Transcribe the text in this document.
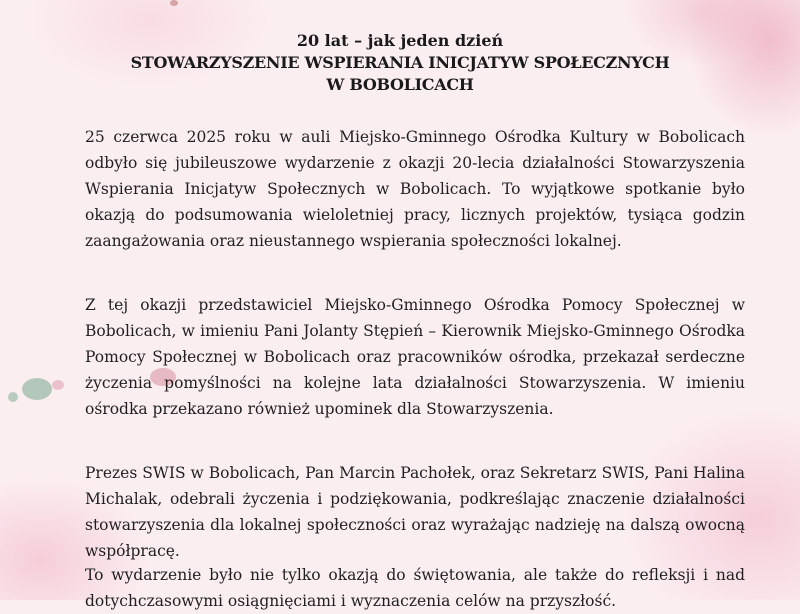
20 lat – jak jeden dzień
STOWARZYSZENIE WSPIERANIA INICJATYW SPOŁECZNYCH
W BOBOLICACH

25 czerwca 2025 roku w auli Miejsko-Gminnego Ośrodka Kultury w Bobolicach odbyło się jubileuszowe wydarzenie z okazji 20-lecia działalności Stowarzyszenia Wspierania Inicjatyw Społecznych w Bobolicach. To wyjątkowe spotkanie było okazją do podsumowania wieloletniej pracy, licznych projektów, tysiąca godzin zaangażowania oraz nieustannego wspierania społeczności lokalnej.

Z tej okazji przedstawiciel Miejsko-Gminnego Ośrodka Pomocy Społecznej w Bobolicach, w imieniu Pani Jolanty Stępień – Kierownik Miejsko-Gminnego Ośrodka Pomocy Społecznej w Bobolicach oraz pracowników ośrodka, przekazał serdeczne życzenia pomyślności na kolejne lata działalności Stowarzyszenia. W imieniu ośrodka przekazano również upominek dla Stowarzyszenia.

Prezes SWIS w Bobolicach, Pan Marcin Pachołek, oraz Sekretarz SWIS, Pani Halina Michalak, odebrali życzenia i podziękowania, podkreślając znaczenie działalności stowarzyszenia dla lokalnej społeczności oraz wyrażając nadzieję na dalszą owocną współpracę.

To wydarzenie było nie tylko okazją do świętowania, ale także do refleksji i nad dotychczasowymi osiągnięciami i wyznaczenia celów na przyszłość.
